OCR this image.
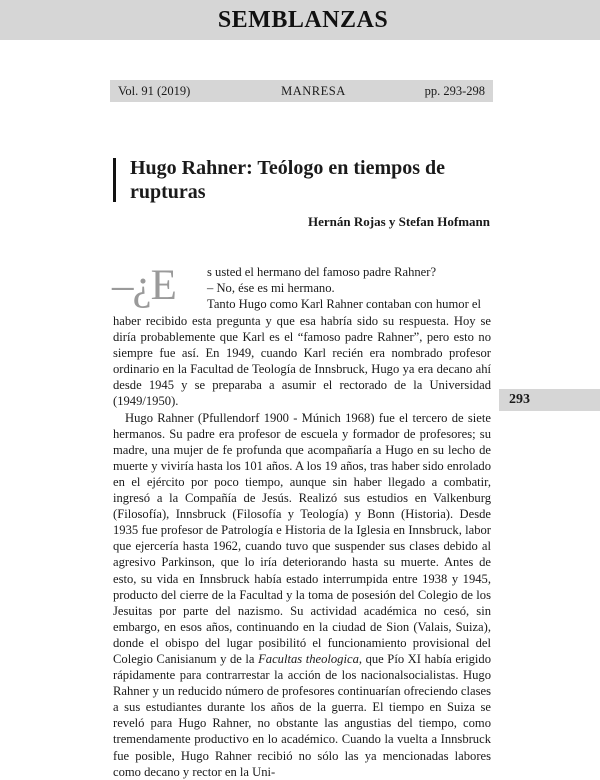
SEMBLANZAS
Vol. 91 (2019)	MANRESA	pp. 293-298
Hugo Rahner: Teólogo en tiempos de rupturas
Hernán Rojas y Stefan Hofmann
–¿E s usted el hermano del famoso padre Rahner?
– No, ése es mi hermano.
Tanto Hugo como Karl Rahner contaban con humor el

haber recibido esta pregunta y que esa habría sido su respuesta. Hoy se diría probablemente que Karl es el “famoso padre Rahner”, pero esto no siempre fue así. En 1949, cuando Karl recién era nombrado profesor ordinario en la Facultad de Teología de Innsbruck, Hugo ya era decano ahí desde 1945 y se preparaba a asumir el rectorado de la Universidad (1949/1950).

Hugo Rahner (Pfullendorf 1900 - Múnich 1968) fue el tercero de siete hermanos. Su padre era profesor de escuela y formador de profesores; su madre, una mujer de fe profunda que acompañaría a Hugo en su lecho de muerte y viviría hasta los 101 años. A los 19 años, tras haber sido enrolado en el ejército por poco tiempo, aunque sin haber llegado a combatir, ingresó a la Compañía de Jesús. Realizó sus estudios en Valkenburg (Filosofía), Innsbruck (Filosofía y Teología) y Bonn (Historia). Desde 1935 fue profesor de Patrología e Historia de la Iglesia en Innsbruck, labor que ejercería hasta 1962, cuando tuvo que suspender sus clases debido al agresivo Parkinson, que lo iría deteriorando hasta su muerte. Antes de esto, su vida en Innsbruck había estado interrumpida entre 1938 y 1945, producto del cierre de la Facultad y la toma de posesión del Colegio de los Jesuitas por parte del nazismo. Su actividad académica no cesó, sin embargo, en esos años, continuando en la ciudad de Sion (Valais, Suiza), donde el obispo del lugar posibilitó el funcionamiento provisional del Colegio Canisianum y de la Facultas theologica, que Pío XI había erigido rápidamente para contrarrestar la acción de los nacionalsocialistas. Hugo Rahner y un reducido número de profesores continuarían ofreciendo clases a sus estudiantes durante los años de la guerra. El tiempo en Suiza se reveló para Hugo Rahner, no obstante las angustias del tiempo, como tremendamente productivo en lo académico. Cuando la vuelta a Innsbruck fue posible, Hugo Rahner recibió no sólo las ya mencionadas labores como decano y rector en la Uni-

293
